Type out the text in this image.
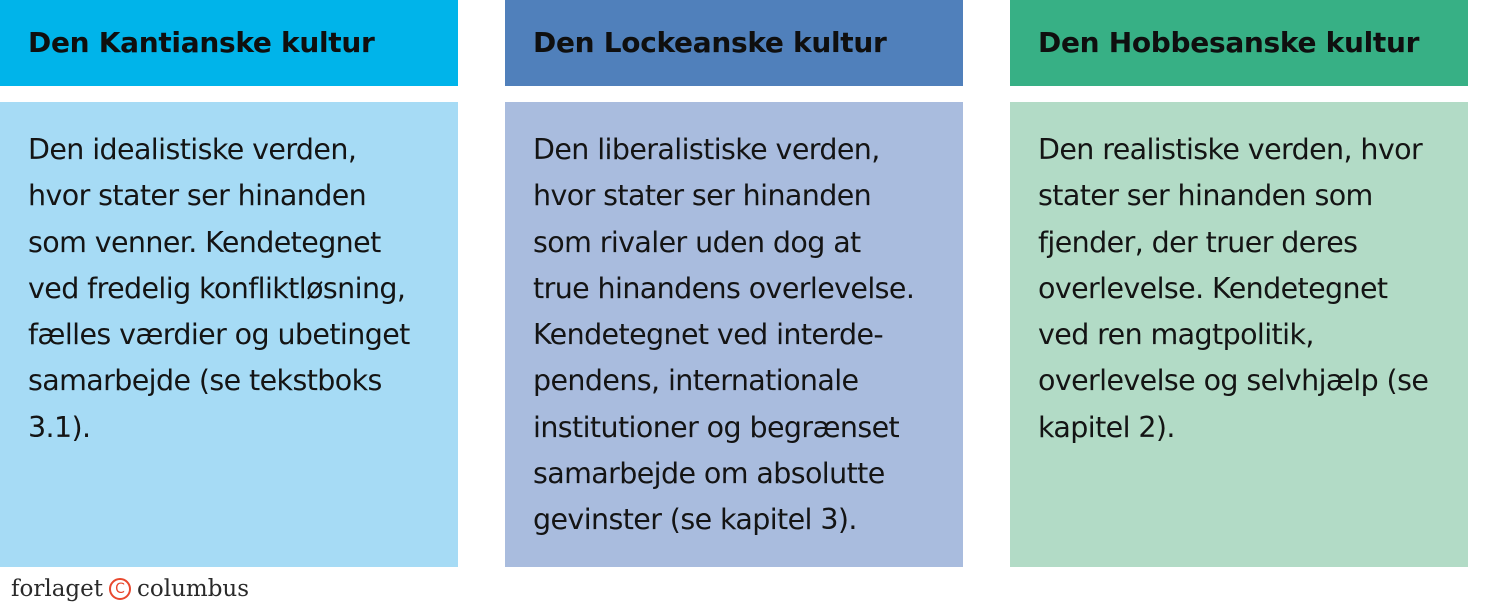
Den Kantianske kultur
Den idealistiske verden,
hvor stater ser hinanden
som venner. Kendetegnet
ved fredelig konfliktløsning,
fælles værdier og ubetinget
samarbejde (se tekstboks
3.1).
Den Lockeanske kultur
Den liberalistiske verden,
hvor stater ser hinanden
som rivaler uden dog at
true hinandens overlevelse.
Kendetegnet ved interde-
pendens, internationale
institutioner og begrænset
samarbejde om absolutte
gevinster (se kapitel 3).
Den Hobbesanske kultur
Den realistiske verden, hvor
stater ser hinanden som
fjender, der truer deres
overlevelse. Kendetegnet
ved ren magtpolitik,
overlevelse og selvhjælp (se
kapitel 2).
forlaget C columbus
